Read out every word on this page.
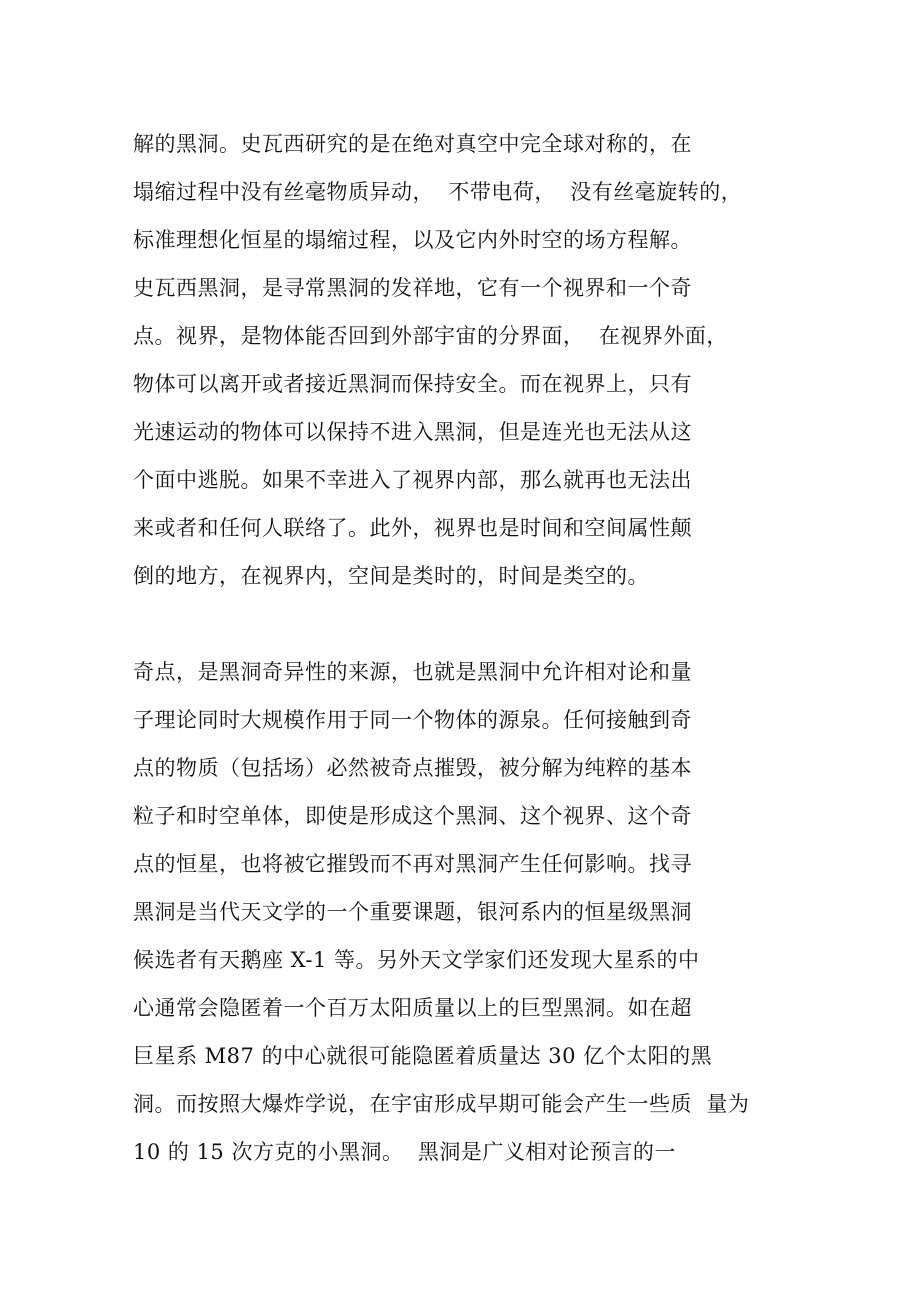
解的黑洞。史瓦西研究的是在绝对真空中完全球对称的，在
塌缩过程中没有丝毫物质异动，  不带电荷，  没有丝毫旋转的，
标准理想化恒星的塌缩过程，以及它内外时空的场方程解。
史瓦西黑洞，是寻常黑洞的发祥地，它有一个视界和一个奇
点。视界，是物体能否回到外部宇宙的分界面，  在视界外面，
物体可以离开或者接近黑洞而保持安全。而在视界上，只有
光速运动的物体可以保持不进入黑洞，但是连光也无法从这
个面中逃脱。如果不幸进入了视界内部，那么就再也无法出
来或者和任何人联络了。此外，视界也是时间和空间属性颠
倒的地方，在视界内，空间是类时的，时间是类空的。
奇点，是黑洞奇异性的来源，也就是黑洞中允许相对论和量
子理论同时大规模作用于同一个物体的源泉。任何接触到奇
点的物质（包括场）必然被奇点摧毁，被分解为纯粹的基本
粒子和时空单体，即使是形成这个黑洞、这个视界、这个奇
点的恒星，也将被它摧毁而不再对黑洞产生任何影响。找寻
黑洞是当代天文学的一个重要课题，银河系内的恒星级黑洞
候选者有天鹅座 X-1 等。另外天文学家们还发现大星系的中
心通常会隐匿着一个百万太阳质量以上的巨型黑洞。如在超
巨星系 M87 的中心就很可能隐匿着质量达 30 亿个太阳的黑
洞。而按照大爆炸学说，在宇宙形成早期可能会产生一些质  量为
10 的 15 次方克的小黑洞。  黑洞是广义相对论预言的一
